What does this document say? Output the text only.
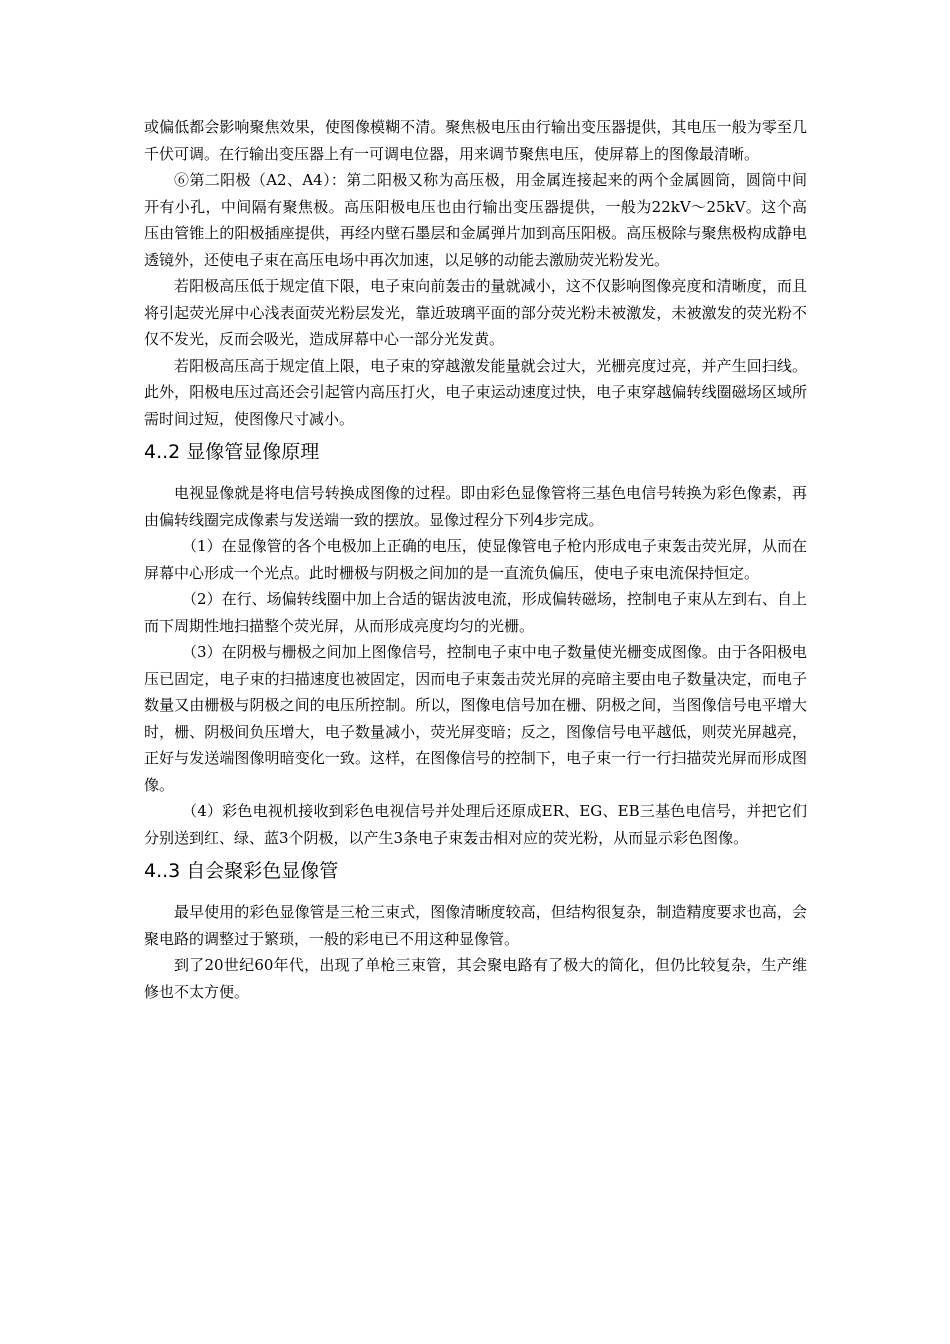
或偏低都会影响聚焦效果，使图像模糊不清。聚焦极电压由行输出变压器提供，其电压一般为零至几千伏可调。在行输出变压器上有一可调电位器，用来调节聚焦电压，使屏幕上的图像最清晰。

⑥第二阳极（A2、A4）：第二阳极又称为高压极，用金属连接起来的两个金属圆筒，圆筒中间开有小孔，中间隔有聚焦极。高压阳极电压也由行输出变压器提供，一般为22kV～25kV。这个高压由管锥上的阳极插座提供，再经内壁石墨层和金属弹片加到高压阳极。高压极除与聚焦极构成静电透镜外，还使电子束在高压电场中再次加速，以足够的动能去激励荧光粉发光。

若阳极高压低于规定值下限，电子束向前轰击的量就减小，这不仅影响图像亮度和清晰度，而且将引起荧光屏中心浅表面荧光粉层发光，靠近玻璃平面的部分荧光粉未被激发，未被激发的荧光粉不仅不发光，反而会吸光，造成屏幕中心一部分光发黄。

若阳极高压高于规定值上限，电子束的穿越激发能量就会过大，光栅亮度过亮，并产生回扫线。此外，阳极电压过高还会引起管内高压打火，电子束运动速度过快，电子束穿越偏转线圈磁场区域所需时间过短，使图像尺寸减小。

4..2 显像管显像原理

电视显像就是将电信号转换成图像的过程。即由彩色显像管将三基色电信号转换为彩色像素，再由偏转线圈完成像素与发送端一致的摆放。显像过程分下列4步完成。

（1）在显像管的各个电极加上正确的电压，使显像管电子枪内形成电子束轰击荧光屏，从而在屏幕中心形成一个光点。此时栅极与阴极之间加的是一直流负偏压，使电子束电流保持恒定。

（2）在行、场偏转线圈中加上合适的锯齿波电流，形成偏转磁场，控制电子束从左到右、自上而下周期性地扫描整个荧光屏，从而形成亮度均匀的光栅。

（3）在阴极与栅极之间加上图像信号，控制电子束中电子数量使光栅变成图像。由于各阳极电压已固定，电子束的扫描速度也被固定，因而电子束轰击荧光屏的亮暗主要由电子数量决定，而电子数量又由栅极与阴极之间的电压所控制。所以，图像电信号加在栅、阴极之间，当图像信号电平增大时，栅、阴极间负压增大，电子数量减小，荧光屏变暗；反之，图像信号电平越低，则荧光屏越亮，正好与发送端图像明暗变化一致。这样，在图像信号的控制下，电子束一行一行扫描荧光屏而形成图像。

（4）彩色电视机接收到彩色电视信号并处理后还原成ER、EG、EB三基色电信号，并把它们分别送到红、绿、蓝3个阴极，以产生3条电子束轰击相对应的荧光粉，从而显示彩色图像。

4..3 自会聚彩色显像管

最早使用的彩色显像管是三枪三束式，图像清晰度较高，但结构很复杂，制造精度要求也高，会聚电路的调整过于繁琐，一般的彩电已不用这种显像管。

到了20世纪60年代，出现了单枪三束管，其会聚电路有了极大的简化，但仍比较复杂，生产维修也不太方便。
